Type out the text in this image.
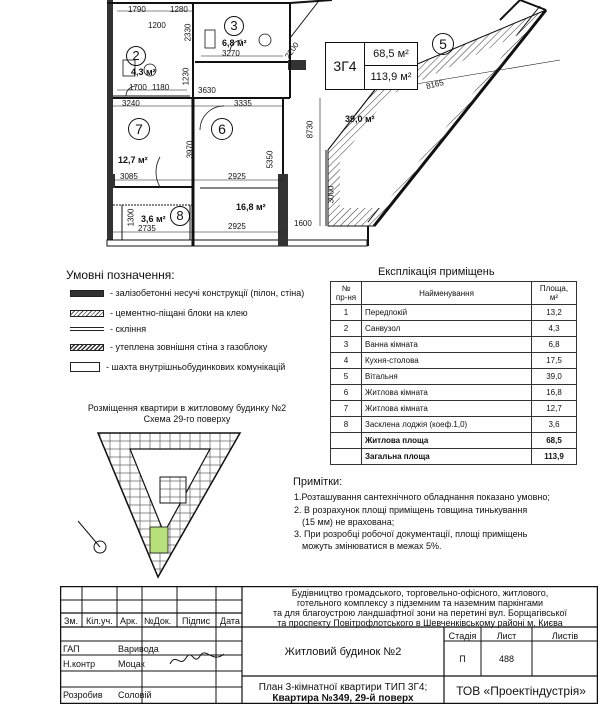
1790	1280
1200 2330
3270
1230
1700 1180
3240
3630
3335
3970
5350
8730
3085	2925
1300
2735	2925	1600
3000
8165
2200
2
4,3 м²
3
6,8 м²	5
39,0 м²
6
16,8 м²
7
12,7 м²
8
3,6 м²
3Г4
68,5 м²
113,9 м²
Умовні позначення:
- залізобетонні несучі конструкції (пілон, стіна)
- цементно-піщані блоки на клею
- скління
- утеплена зовнішня стіна з газоблоку
- шахта внутрішньобудинкових комунікацій
Експлікація приміщень
№
пр-ня	Найменування	Площа,
м²
1	Передпокій	13,2
2	Санвузол	4,3
3	Ванна кімната	6,8
4	Кухня-столова	17,5
5	Вітальня	39,0
6	Житлова кімната	16,8
7	Житлова кімната	12,7
8	Засклена лоджія (коеф.1,0)	3,6
	Житлова площа	68,5
	Загальна площа	113,9
Розміщення квартири в житловому будинку №2
Схема 29-го поверху
Примітки:
1.Розташування сантехнічного обладнання показано умовно;
2. В розрахунок площі приміщень товщина тинькування
(15 мм) не врахована;
3. При розробці робочої документації, площі приміщень
можуть змінюватися в межах 5%.
Будівництво громадського, торговельно-офісного, житлового,
готельного комплексу з підземним та наземним паркінгами
та для благоустрою ландшафтної зони на перетині вул. Борщагівської
та проспекту Повітрофлотського в Шевченківському районі м. Києва
Зм. Кіл.уч. Арк. №Док. Підпис Дата
ГАП	Варивода
Н.контр	Моцак
Розробив Соловій
Житловий будинок №2
Стадія	Лист	Листів
П	488
План 3-кімнатної квартири ТИП 3Г4;
Квартира №349, 29-й поверх
ТОВ «Проектіндустрія»
